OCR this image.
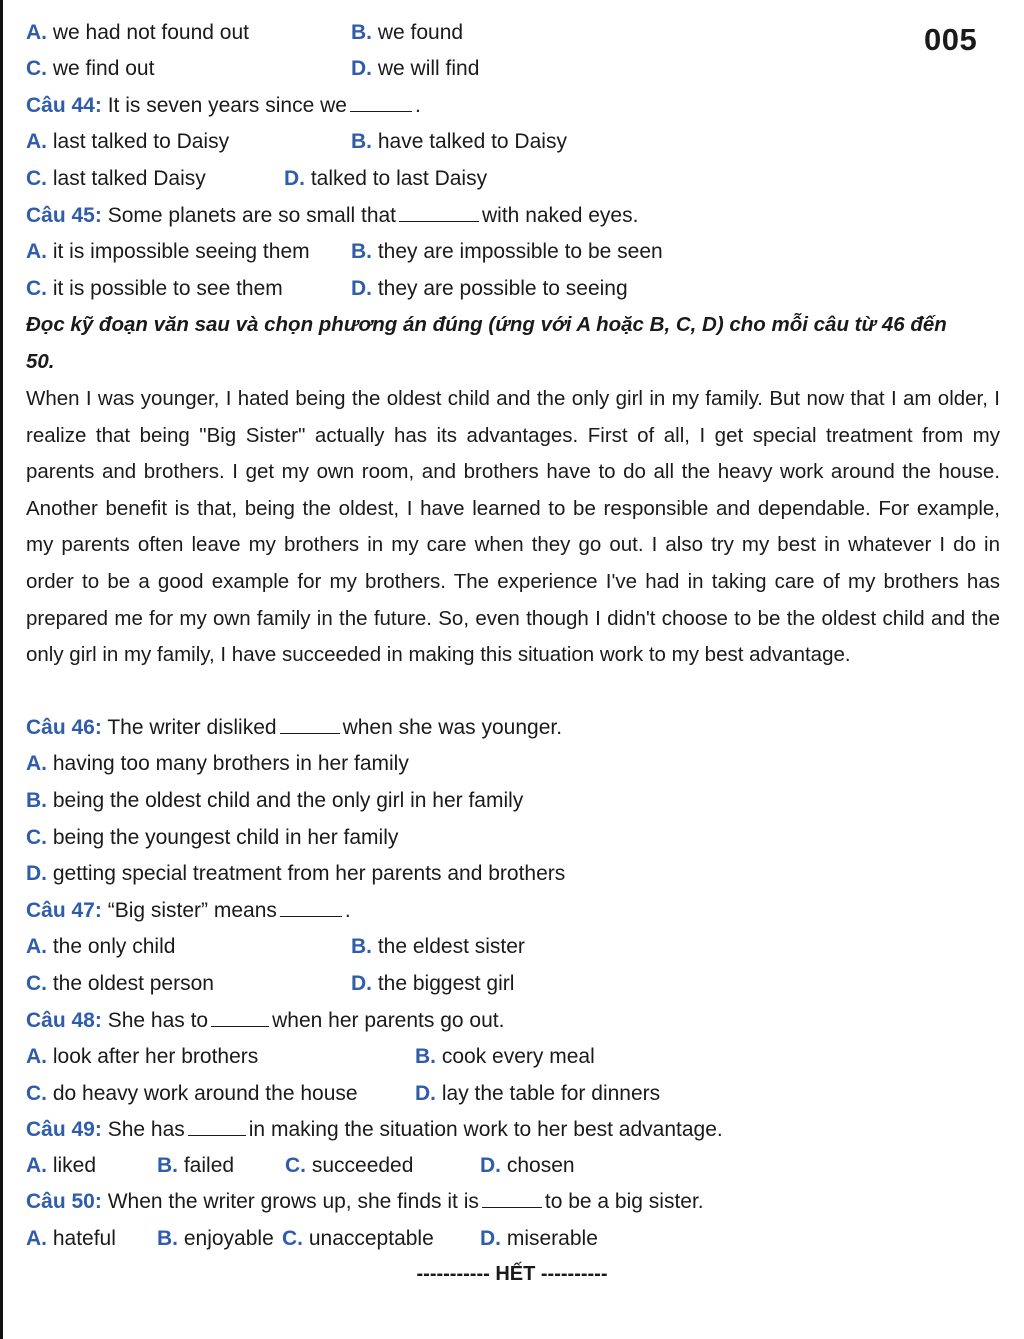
005
A. we had not found out	B. we found
C. we find out	D. we will find
Câu 44: It is seven years since we	.
A. last talked to Daisy	B. have talked to Daisy
C. last talked Daisy	D. talked to last Daisy
Câu 45: Some planets are so small that	with naked eyes.
A. it is impossible seeing them B. they are impossible to be seen
C. it is possible to see them	D. they are possible to seeing
Đọc kỹ đoạn văn sau và chọn phương án đúng (ứng với A hoặc B, C, D) cho mỗi câu từ 46 đến
50.

When I was younger, I hated being the oldest child and the only girl in my family. But now that I am older, I realize that being "Big Sister" actually has its advantages. First of all, I get special treatment from my parents and brothers. I get my own room, and brothers have to do all the heavy work around the house. Another benefit is that, being the oldest, I have learned to be responsible and dependable. For example, my parents often leave my brothers in my care when they go out. I also try my best in whatever I do in order to be a good example for my brothers. The experience I've had in taking care of my brothers has prepared me for my own family in the future. So, even though I didn't choose to be the oldest child and the only girl in my family, I have succeeded in making this situation work to my best advantage.

Câu 46: The writer disliked	when she was younger.
A. having too many brothers in her family
B. being the oldest child and the only girl in her family
C. being the youngest child in her family
D. getting special treatment from her parents and brothers
Câu 47: “Big sister” means	.
A. the only child	B. the eldest sister
C. the oldest person	D. the biggest girl
Câu 48: She has to	when her parents go out.
A. look after her brothers	B. cook every meal
C. do heavy work around the house	D. lay the table for dinners
Câu 49: She has	in making the situation work to her best advantage.
A. liked	B. failed C. succeeded	D. chosen
Câu 50: When the writer grows up, she finds it is	to be a big sister.
A. hateful B. enjoyable C. unacceptable D. miserable
----------- HẾT ----------
